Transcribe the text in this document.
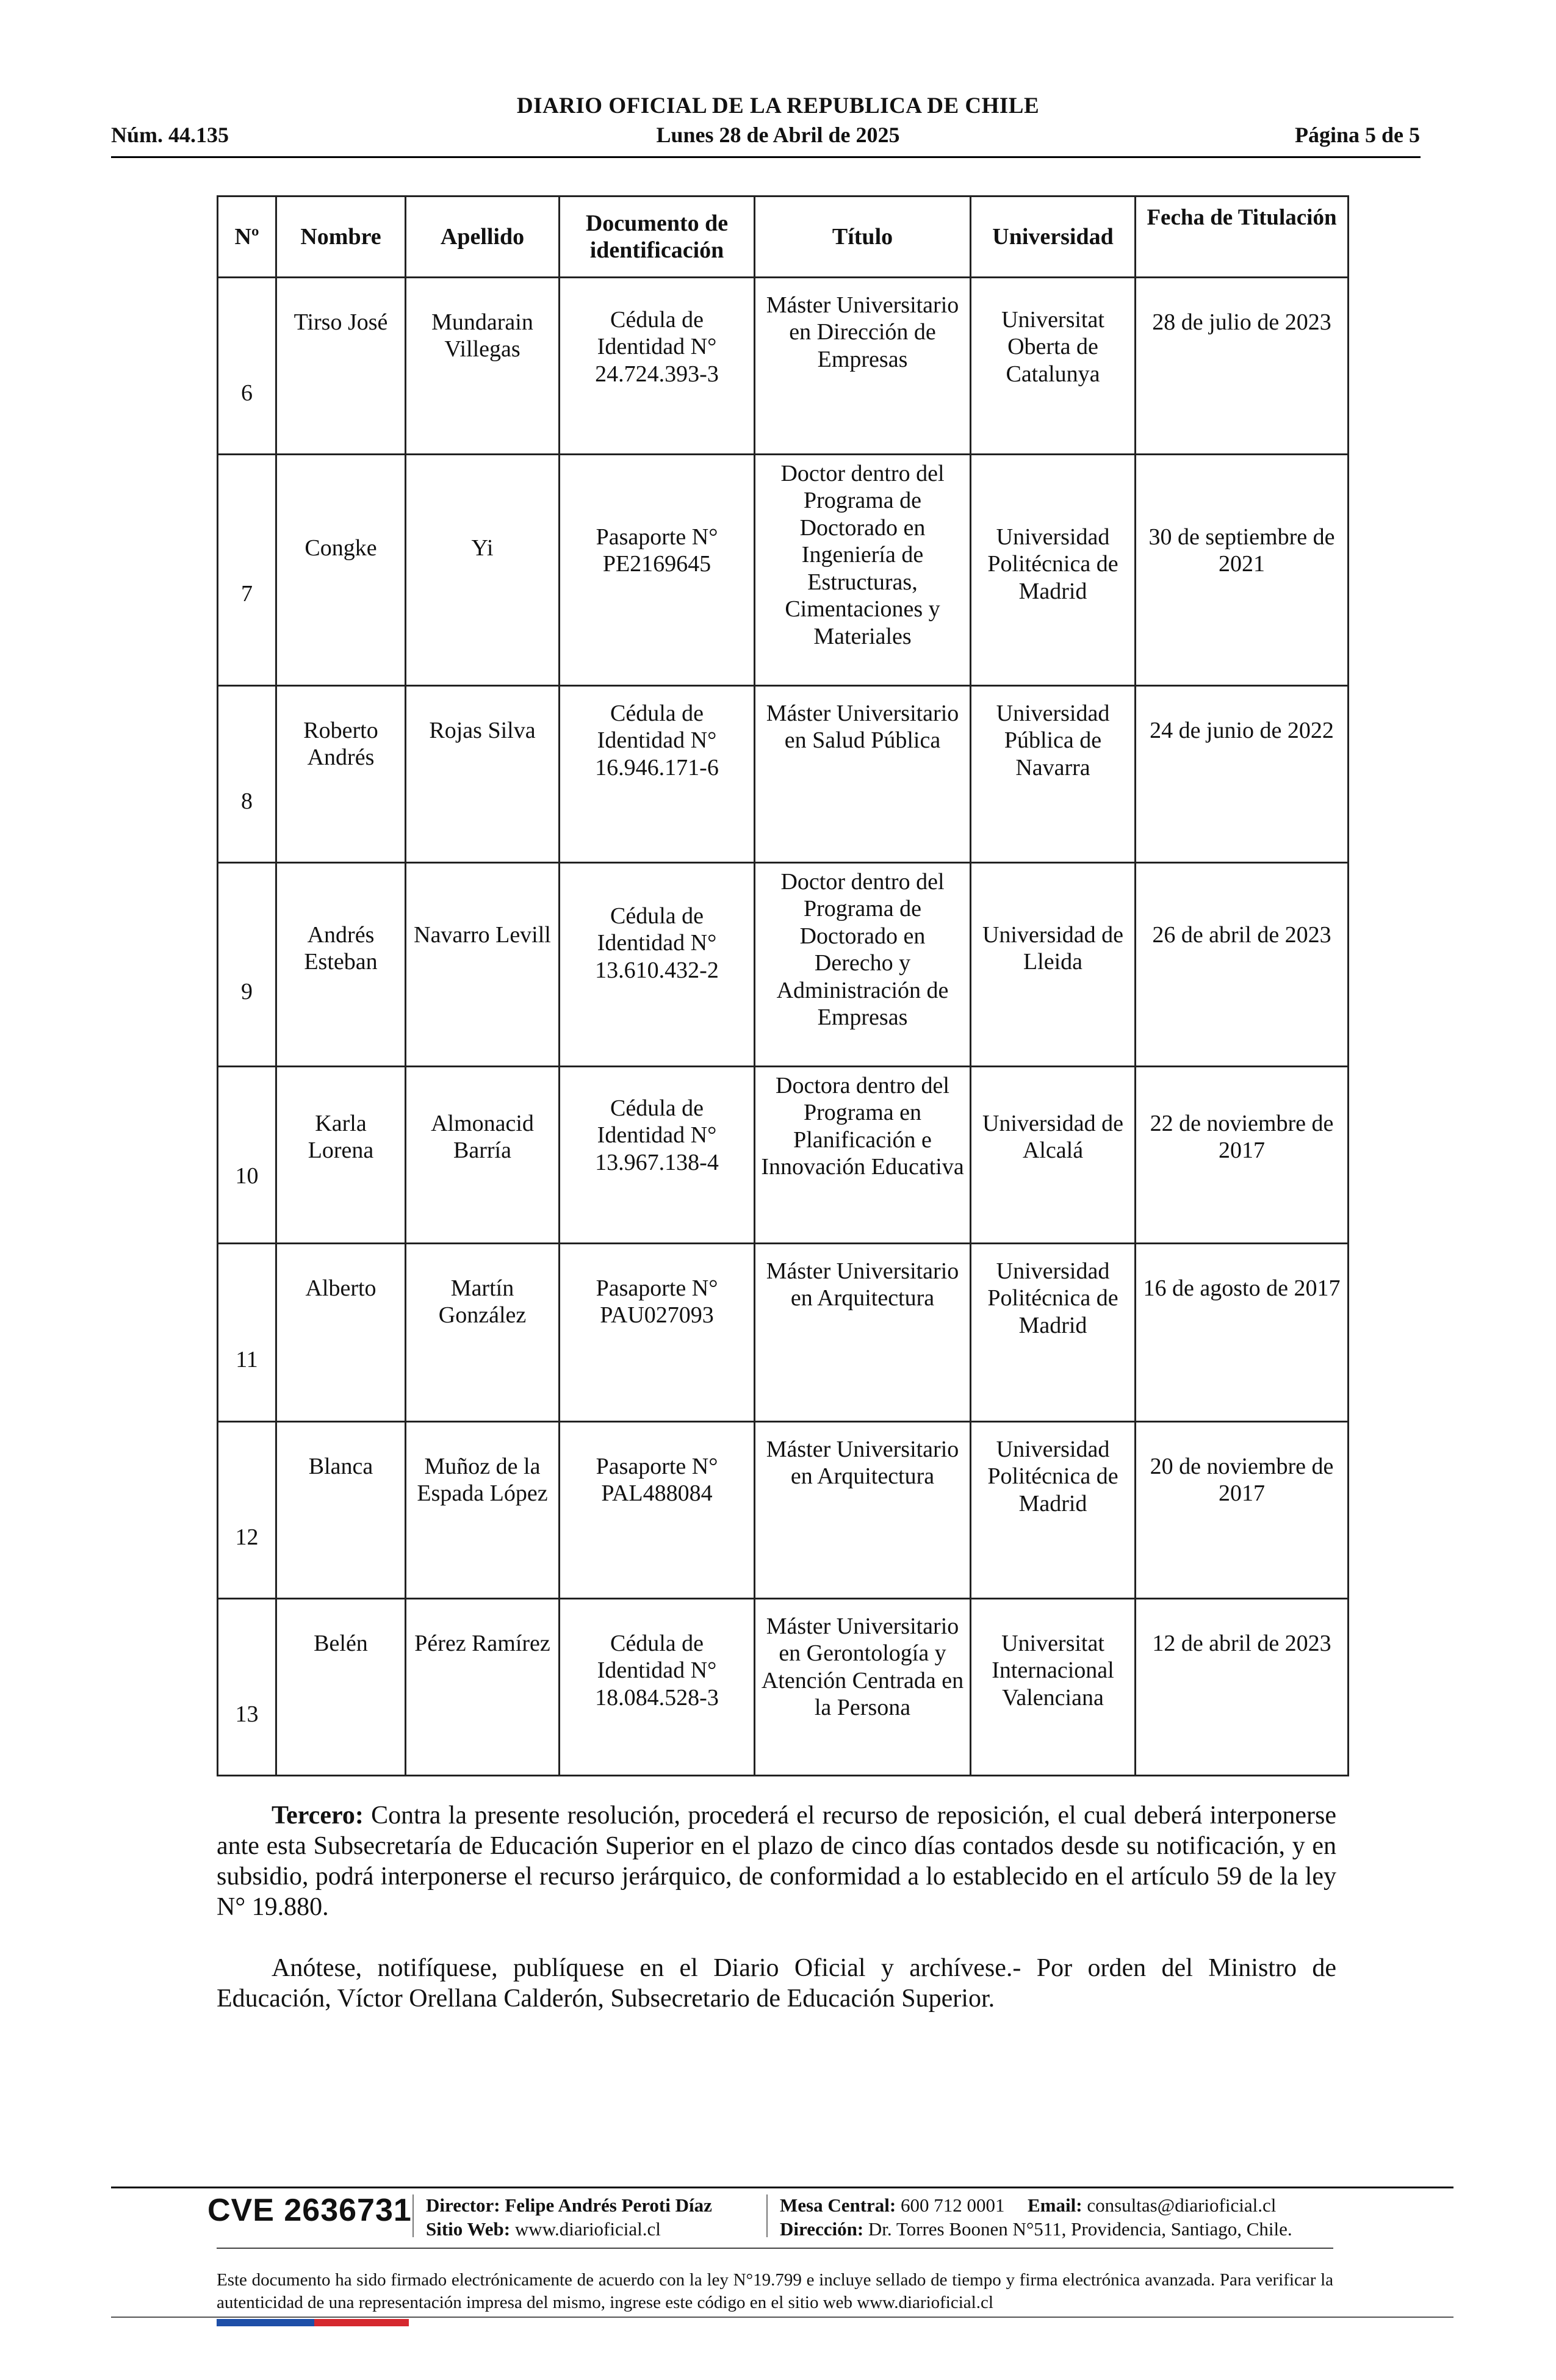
DIARIO OFICIAL DE LA REPUBLICA DE CHILE
Núm. 44.135	Lunes 28 de Abril de 2025	Página 5 de 5
Nº	Nombre	Apellido	Documento de identificación	Título	Universidad	Fecha de Titulación
6	Tirso José	Mundarain Villegas	Cédula de Identidad N° 24.724.393-3	Máster Universitario en Dirección de Empresas	Universitat Oberta de Catalunya	28 de julio de 2023
7	Congke	Yi	Pasaporte N° PE2169645	Doctor dentro del Programa de Doctorado en Ingeniería de Estructuras, Cimentaciones y Materiales	Universidad Politécnica de Madrid	30 de septiembre de 2021
8	Roberto Andrés	Rojas Silva	Cédula de Identidad N° 16.946.171-6	Máster Universitario en Salud Pública	Universidad Pública de Navarra	24 de junio de 2022
9	Andrés Esteban	Navarro Levill	Cédula de Identidad N° 13.610.432-2	Doctor dentro del Programa de Doctorado en Derecho y Administración de Empresas	Universidad de Lleida	26 de abril de 2023
10	Karla Lorena	Almonacid Barría	Cédula de Identidad N° 13.967.138-4	Doctora dentro del Programa en Planificación e Innovación Educativa	Universidad de Alcalá	22 de noviembre de 2017
11	Alberto	Martín González	Pasaporte N° PAU027093	Máster Universitario en Arquitectura	Universidad Politécnica de Madrid	16 de agosto de 2017
12	Blanca	Muñoz de la Espada López	Pasaporte N° PAL488084	Máster Universitario en Arquitectura	Universidad Politécnica de Madrid	20 de noviembre de 2017
13	Belén	Pérez Ramírez	Cédula de Identidad N° 18.084.528-3	Máster Universitario en Gerontología y Atención Centrada en la Persona	Universitat Internacional Valenciana	12 de abril de 2023
Tercero: Contra la presente resolución, procederá el recurso de reposición, el cual deberá interponerse ante esta Subsecretaría de Educación Superior en el plazo de cinco días contados desde su notificación, y en subsidio, podrá interponerse el recurso jerárquico, de conformidad a lo establecido en el artículo 59 de la ley N° 19.880.
Anótese, notifíquese, publíquese en el Diario Oficial y archívese.- Por orden del Ministro de Educación, Víctor Orellana Calderón, Subsecretario de Educación Superior.
CVE 2636731 Director: Felipe Andrés Peroti Díaz
Sitio Web: www.diarioficial.cl
Mesa Central: 600 712 0001 Email: consultas@diarioficial.cl
Dirección: Dr. Torres Boonen N°511, Providencia, Santiago, Chile.
Este documento ha sido firmado electrónicamente de acuerdo con la ley N°19.799 e incluye sellado de tiempo y firma electrónica avanzada. Para verificar la autenticidad de una representación impresa del mismo, ingrese este código en el sitio web www.diarioficial.cl
